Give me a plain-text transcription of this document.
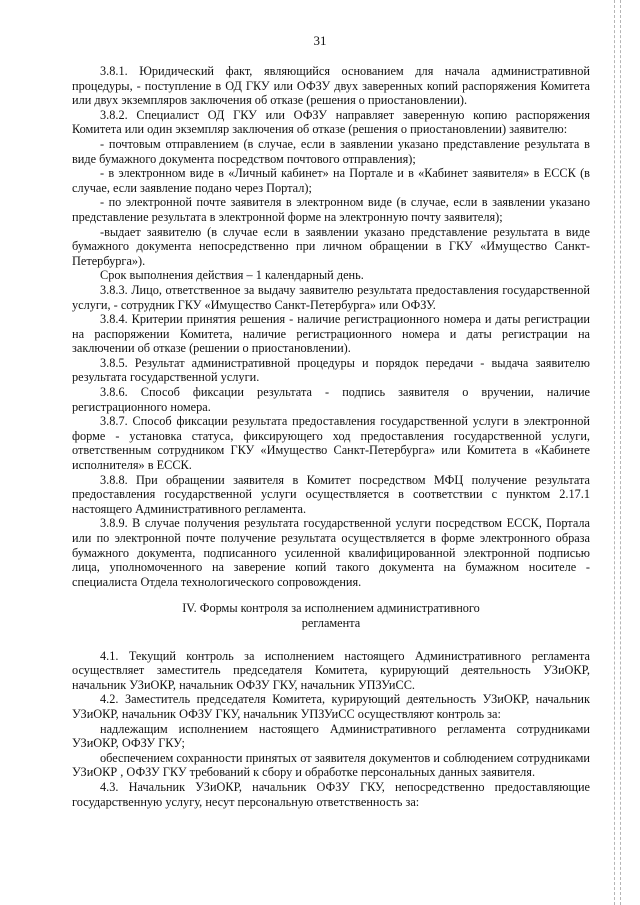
31

3.8.1. Юридический факт, являющийся основанием для начала административной процедуры, - поступление в ОД ГКУ или ОФЗУ двух заверенных копий распоряжения Комитета или двух экземпляров заключения об отказе (решения о приостановлении).

3.8.2. Специалист ОД ГКУ или ОФЗУ направляет заверенную копию распоряжения Комитета или один экземпляр заключения об отказе (решения о приостановлении) заявителю:

- почтовым отправлением (в случае, если в заявлении указано представление результата в виде бумажного документа посредством почтового отправления);

- в электронном виде в «Личный кабинет» на Портале и в «Кабинет заявителя» в ЕССК (в случае, если заявление подано через Портал);

- по электронной почте заявителя в электронном виде (в случае, если в заявлении указано представление результата в электронной форме на электронную почту заявителя);

-выдает заявителю (в случае если в заявлении указано представление результата в виде бумажного документа непосредственно при личном обращении в ГКУ «Имущество Санкт-Петербурга»).

Срок выполнения действия – 1 календарный день.

3.8.3. Лицо, ответственное за выдачу заявителю результата предоставления государственной услуги, - сотрудник ГКУ «Имущество Санкт-Петербурга» или ОФЗУ.

3.8.4. Критерии принятия решения - наличие регистрационного номера и даты регистрации на распоряжении Комитета, наличие регистрационного номера и даты регистрации на заключении об отказе (решении о приостановлении).

3.8.5. Результат административной процедуры и порядок передачи - выдача заявителю результата государственной услуги.

3.8.6. Способ фиксации результата - подпись заявителя о вручении, наличие регистрационного номера.

3.8.7. Способ фиксации результата предоставления государственной услуги в электронной форме - установка статуса, фиксирующего ход предоставления государственной услуги, ответственным сотрудником ГКУ «Имущество Санкт-Петербурга» или Комитета в «Кабинете исполнителя» в ЕССК.

3.8.8. При обращении заявителя в Комитет посредством МФЦ получение результата предоставления государственной услуги осуществляется в соответствии с пунктом 2.17.1 настоящего Административного регламента.

3.8.9. В случае получения результата государственной услуги посредством ЕССК, Портала или по электронной почте получение результата осуществляется в форме электронного образа бумажного документа, подписанного усиленной квалифицированной электронной подписью лица, уполномоченного на заверение копий такого документа на бумажном носителе - специалиста Отдела технологического сопровождения.

IV. Формы контроля за исполнением административного
регламента

4.1. Текущий контроль за исполнением настоящего Административного регламента осуществляет заместитель председателя Комитета, курирующий деятельность УЗиОКР, начальник УЗиОКР, начальник ОФЗУ ГКУ, начальник УПЗУиСС.

4.2. Заместитель председателя Комитета, курирующий деятельность УЗиОКР, начальник УЗиОКР, начальник ОФЗУ ГКУ, начальник УПЗУиСС осуществляют контроль за:

надлежащим исполнением настоящего Административного регламента сотрудниками УЗиОКР, ОФЗУ ГКУ;

обеспечением сохранности принятых от заявителя документов и соблюдением сотрудниками УЗиОКР , ОФЗУ ГКУ требований к сбору и обработке персональных данных заявителя.

4.3. Начальник УЗиОКР, начальник ОФЗУ ГКУ, непосредственно предоставляющие государственную услугу, несут персональную ответственность за:
